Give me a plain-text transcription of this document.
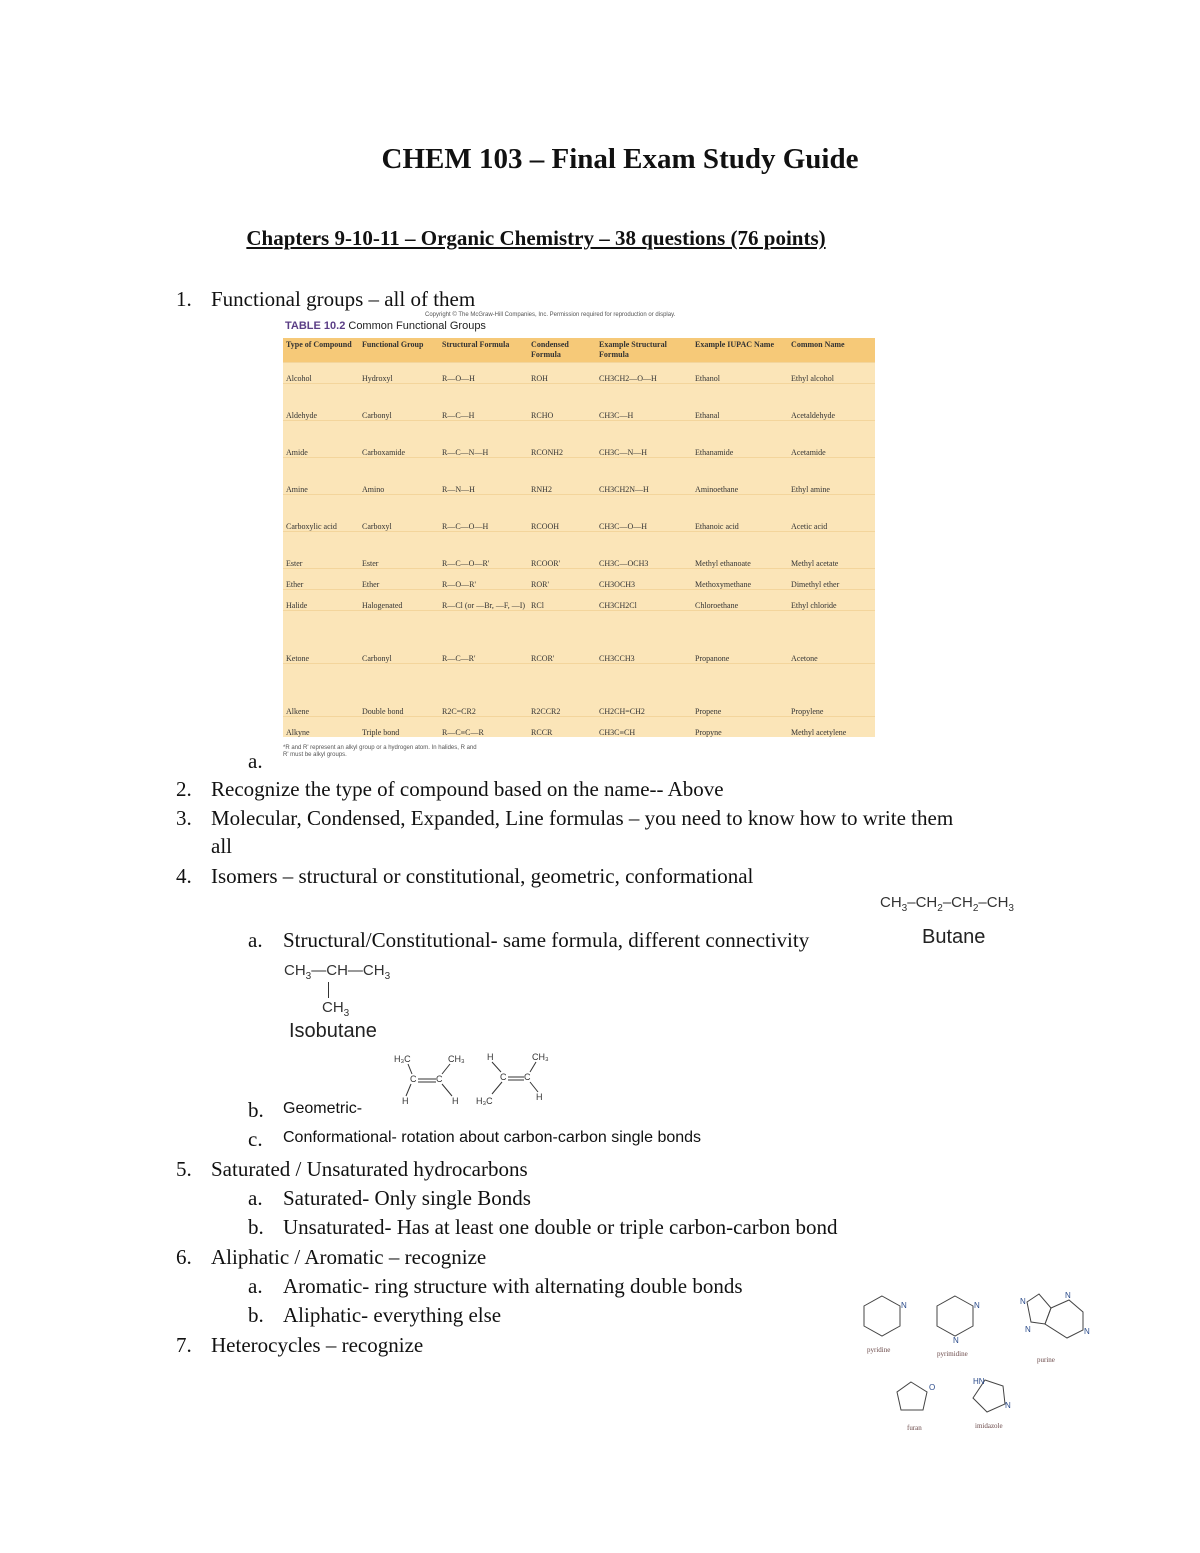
CHEM 103 – Final Exam Study Guide
Chapters 9-10-11 – Organic Chemistry – 38 questions (76 points)
1. Functional groups – all of them
Copyright © The McGraw-Hill Companies, Inc. Permission required for reproduction or display.
TABLE 10.2 Common Functional Groups
Type of Compound	Functional Group	Structural Formula	Condensed Formula	Example Structural Formula	Example IUPAC Name	Common Name
Alcohol	Hydroxyl	R—O—H	ROH	CH3CH2—O—H	Ethanol	Ethyl alcohol
Aldehyde	Carbonyl	R—C—H	RCHO	CH3C—H	Ethanal	Acetaldehyde
Amide	Carboxamide	R—C—N—H	RCONH2	CH3C—N—H	Ethanamide	Acetamide
Amine	Amino	R—N—H	RNH2	CH3CH2N—H	Aminoethane	Ethyl amine
Carboxylic acid	Carboxyl	R—C—O—H	RCOOH	CH3C—O—H	Ethanoic acid	Acetic acid
Ester	Ester	R—C—O—R'	RCOOR'	CH3C—OCH3	Methyl ethanoate	Methyl acetate
Ether	Ether	R—O—R'	ROR'	CH3OCH3	Methoxymethane	Dimethyl ether
Halide	Halogenated	R—Cl (or —Br, —F, —I)	RCl	CH3CH2Cl	Chloroethane	Ethyl chloride
Ketone	Carbonyl	R—C—R'	RCOR'	CH3CCH3	Propanone	Acetone
Alkene	Double bond	R2C=CR2	R2CCR2	CH2CH=CH2	Propene	Propylene
Alkyne	Triple bond	R—C≡C—R	RCCR	CH3C≡CH	Propyne	Methyl acetylene
a.
*R and R' represent an alkyl group or a hydrogen atom. In halides, R and R' must be alkyl groups.
2. Recognize the type of compound based on the name-- Above
3. Molecular, Condensed, Expanded, Line formulas – you need to know how to write them
all
4. Isomers – structural or constitutional, geometric, conformational
$CH_3-CH_2-CH_2-CH_3$
Butane
a. Structural/Constitutional- same formula, different connectivity
$CH_3—CH—CH_3$
$CH_3$
Isobutane
H₃C	CH₃
C C
H	H
H	CH₃
C C
H₃C	H
b. Geometric-
c. Conformational- rotation about carbon-carbon single bonds
5. Saturated / Unsaturated hydrocarbons
a. Saturated- Only single Bonds
b. Unsaturated- Has at least one double or triple carbon-carbon bond
6. Aliphatic / Aromatic – recognize
a. Aromatic- ring structure with alternating double bonds
b. Aliphatic- everything else
7. Heterocycles – recognize
N	N
N
N
N
N
N
O
HN
N
pyridine	pyrimidine
purine
furan	imidazole
